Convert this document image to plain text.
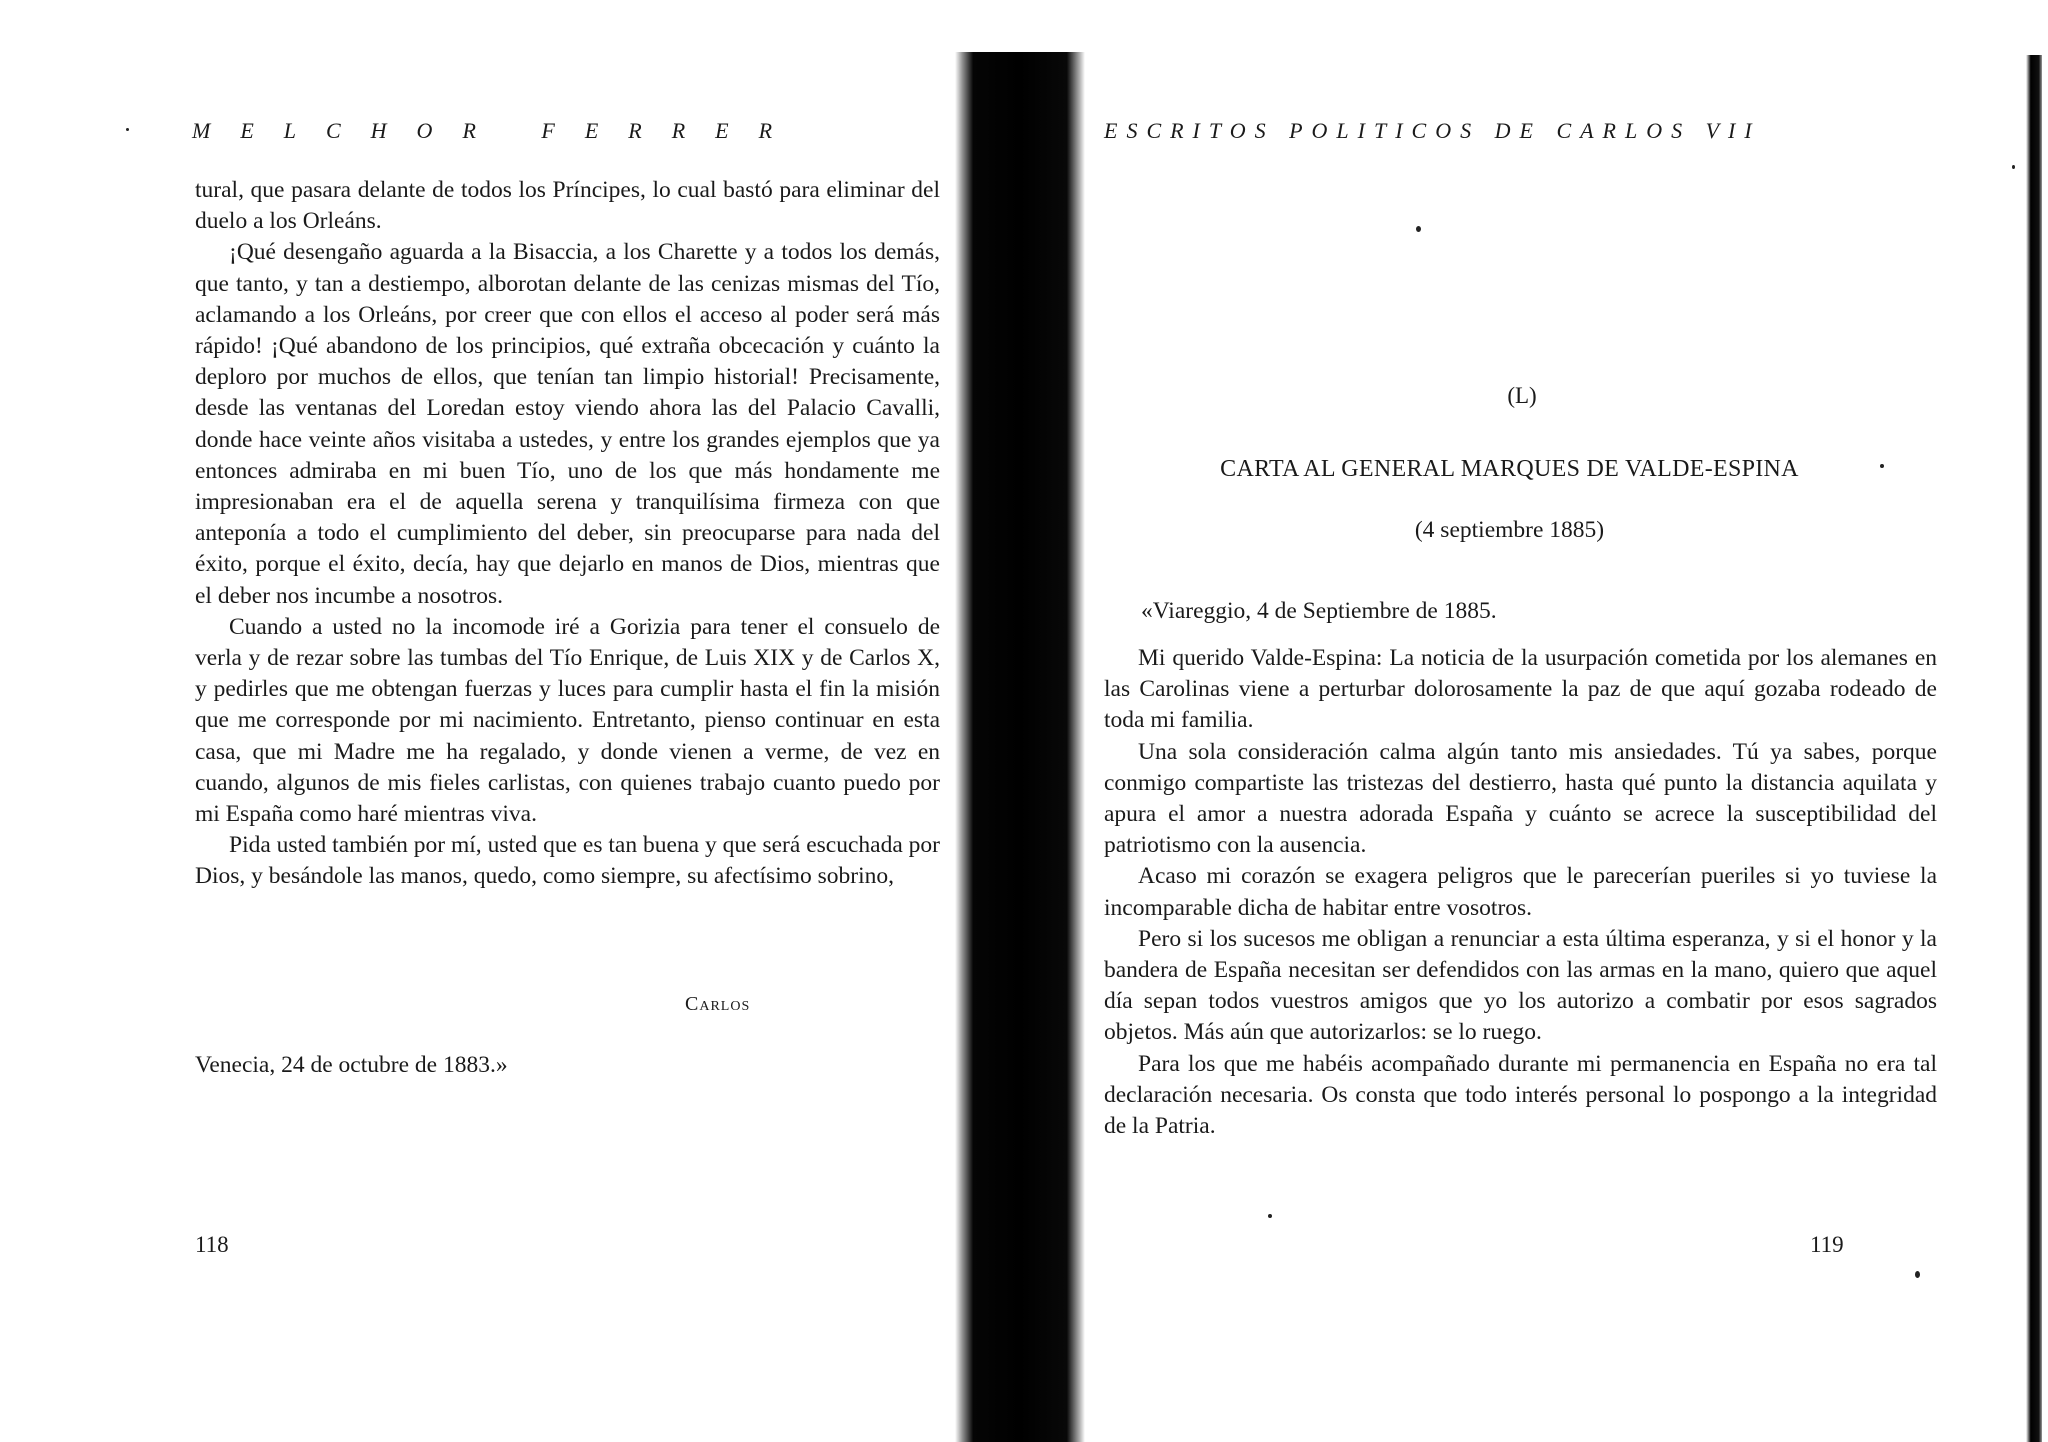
MELCHOR FERRER

tural, que pasara delante de todos los Príncipes, lo cual bastó para eliminar del duelo a los Orleáns.

¡Qué desengaño aguarda a la Bisaccia, a los Charette y a todos los demás, que tanto, y tan a destiempo, alborotan delante de las cenizas mismas del Tío, aclamando a los Orleáns, por creer que con ellos el acceso al poder será más rápido! ¡Qué abandono de los principios, qué extraña obcecación y cuánto la deploro por muchos de ellos, que tenían tan limpio historial! Precisamente, desde las ventanas del Loredan estoy viendo ahora las del Palacio Cavalli, donde hace veinte años visitaba a ustedes, y entre los grandes ejemplos que ya entonces admiraba en mi buen Tío, uno de los que más hondamente me impresionaban era el de aquella serena y tranquilísima firmeza con que anteponía a todo el cumplimiento del deber, sin preocuparse para nada del éxito, porque el éxito, decía, hay que dejarlo en manos de Dios, mientras que el deber nos incumbe a nosotros.

Cuando a usted no la incomode iré a Gorizia para tener el consuelo de verla y de rezar sobre las tumbas del Tío Enrique, de Luis XIX y de Carlos X, y pedirles que me obtengan fuerzas y luces para cumplir hasta el fin la misión que me corresponde por mi nacimiento. Entretanto, pienso continuar en esta casa, que mi Madre me ha regalado, y donde vienen a verme, de vez en cuando, algunos de mis fieles carlistas, con quienes trabajo cuanto puedo por mi España como haré mientras viva.

Pida usted también por mí, usted que es tan buena y que será escuchada por Dios, y besándole las manos, quedo, como siempre, su afectísimo sobrino,

Carlos
Venecia, 24 de octubre de 1883.»
118
ESCRITOS POLITICOS DE CARLOS VII
(L)
CARTA AL GENERAL MARQUES DE VALDE-ESPINA
(4 septiembre 1885)
«Viareggio, 4 de Septiembre de 1885.

Mi querido Valde-Espina: La noticia de la usurpación cometida por los alemanes en las Carolinas viene a perturbar dolorosamente la paz de que aquí gozaba rodeado de toda mi familia.

Una sola consideración calma algún tanto mis ansiedades. Tú ya sabes, porque conmigo compartiste las tristezas del destierro, hasta qué punto la distancia aquilata y apura el amor a nuestra adorada España y cuánto se acrece la susceptibilidad del patriotismo con la ausencia.

Acaso mi corazón se exagera peligros que le parecerían pueriles si yo tuviese la incomparable dicha de habitar entre vosotros.

Pero si los sucesos me obligan a renunciar a esta última esperanza, y si el honor y la bandera de España necesitan ser defendidos con las armas en la mano, quiero que aquel día sepan todos vuestros amigos que yo los autorizo a combatir por esos sagrados objetos. Más aún que autorizarlos: se lo ruego.

Para los que me habéis acompañado durante mi permanencia en España no era tal declaración necesaria. Os consta que todo interés personal lo pospongo a la integridad de la Patria.

119
